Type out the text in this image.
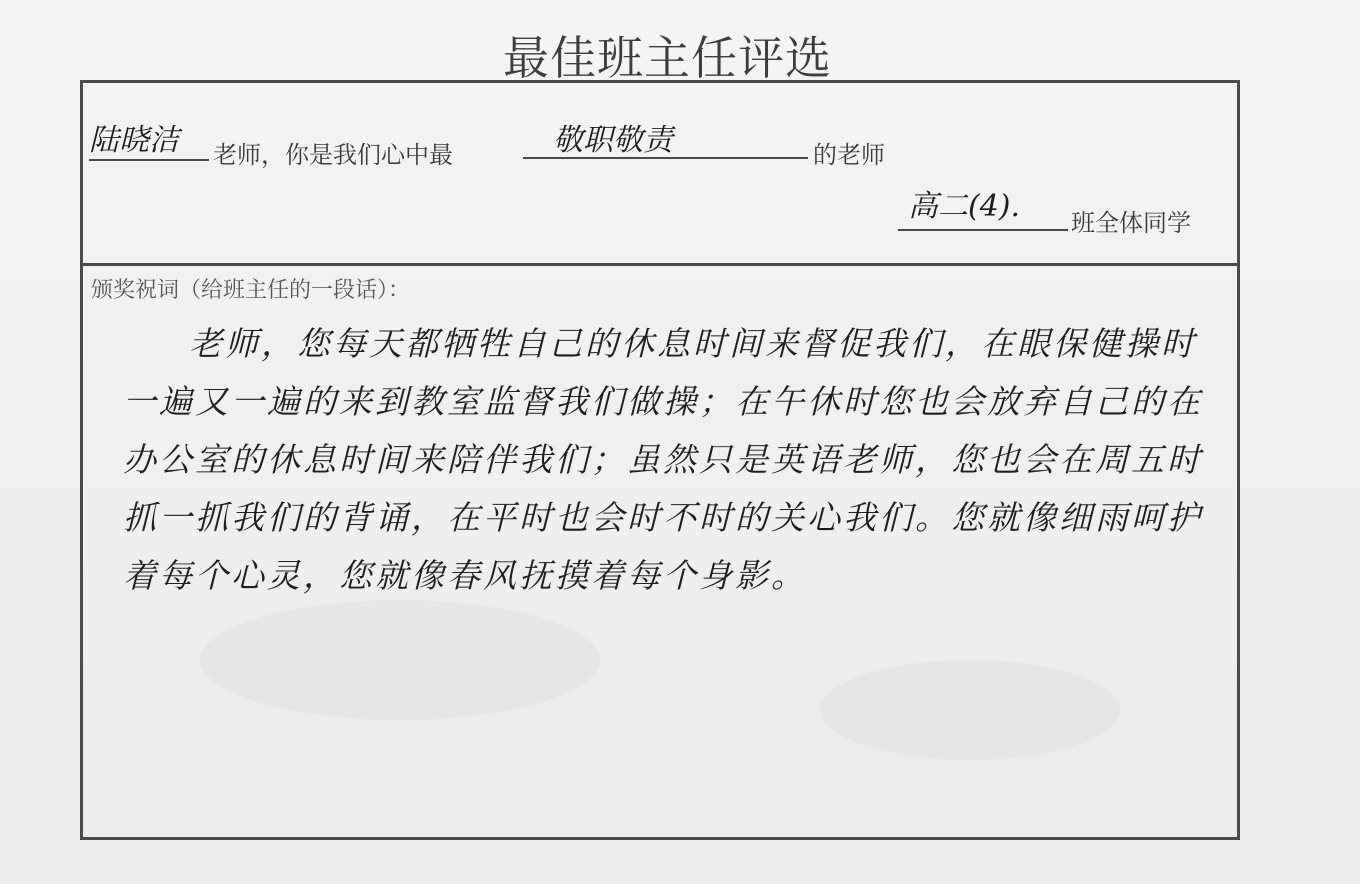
最佳班主任评选
陆晓洁	老师，你是我们心中最	敬职敬责	的老师
高二(4).	班全体同学
颁奖祝词（给班主任的一段话）：
老师，您每天都牺牲自己的休息时间来督促我们，在眼保健操时一遍又一遍的来到教室监督我们做操；在午休时您也会放弃自己的在办公室的休息时间来陪伴我们；虽然只是英语老师，您也会在周五时抓一抓我们的背诵，在平时也会时不时的关心我们。您就像细雨呵护着每个心灵，您就像春风抚摸着每个身影。
